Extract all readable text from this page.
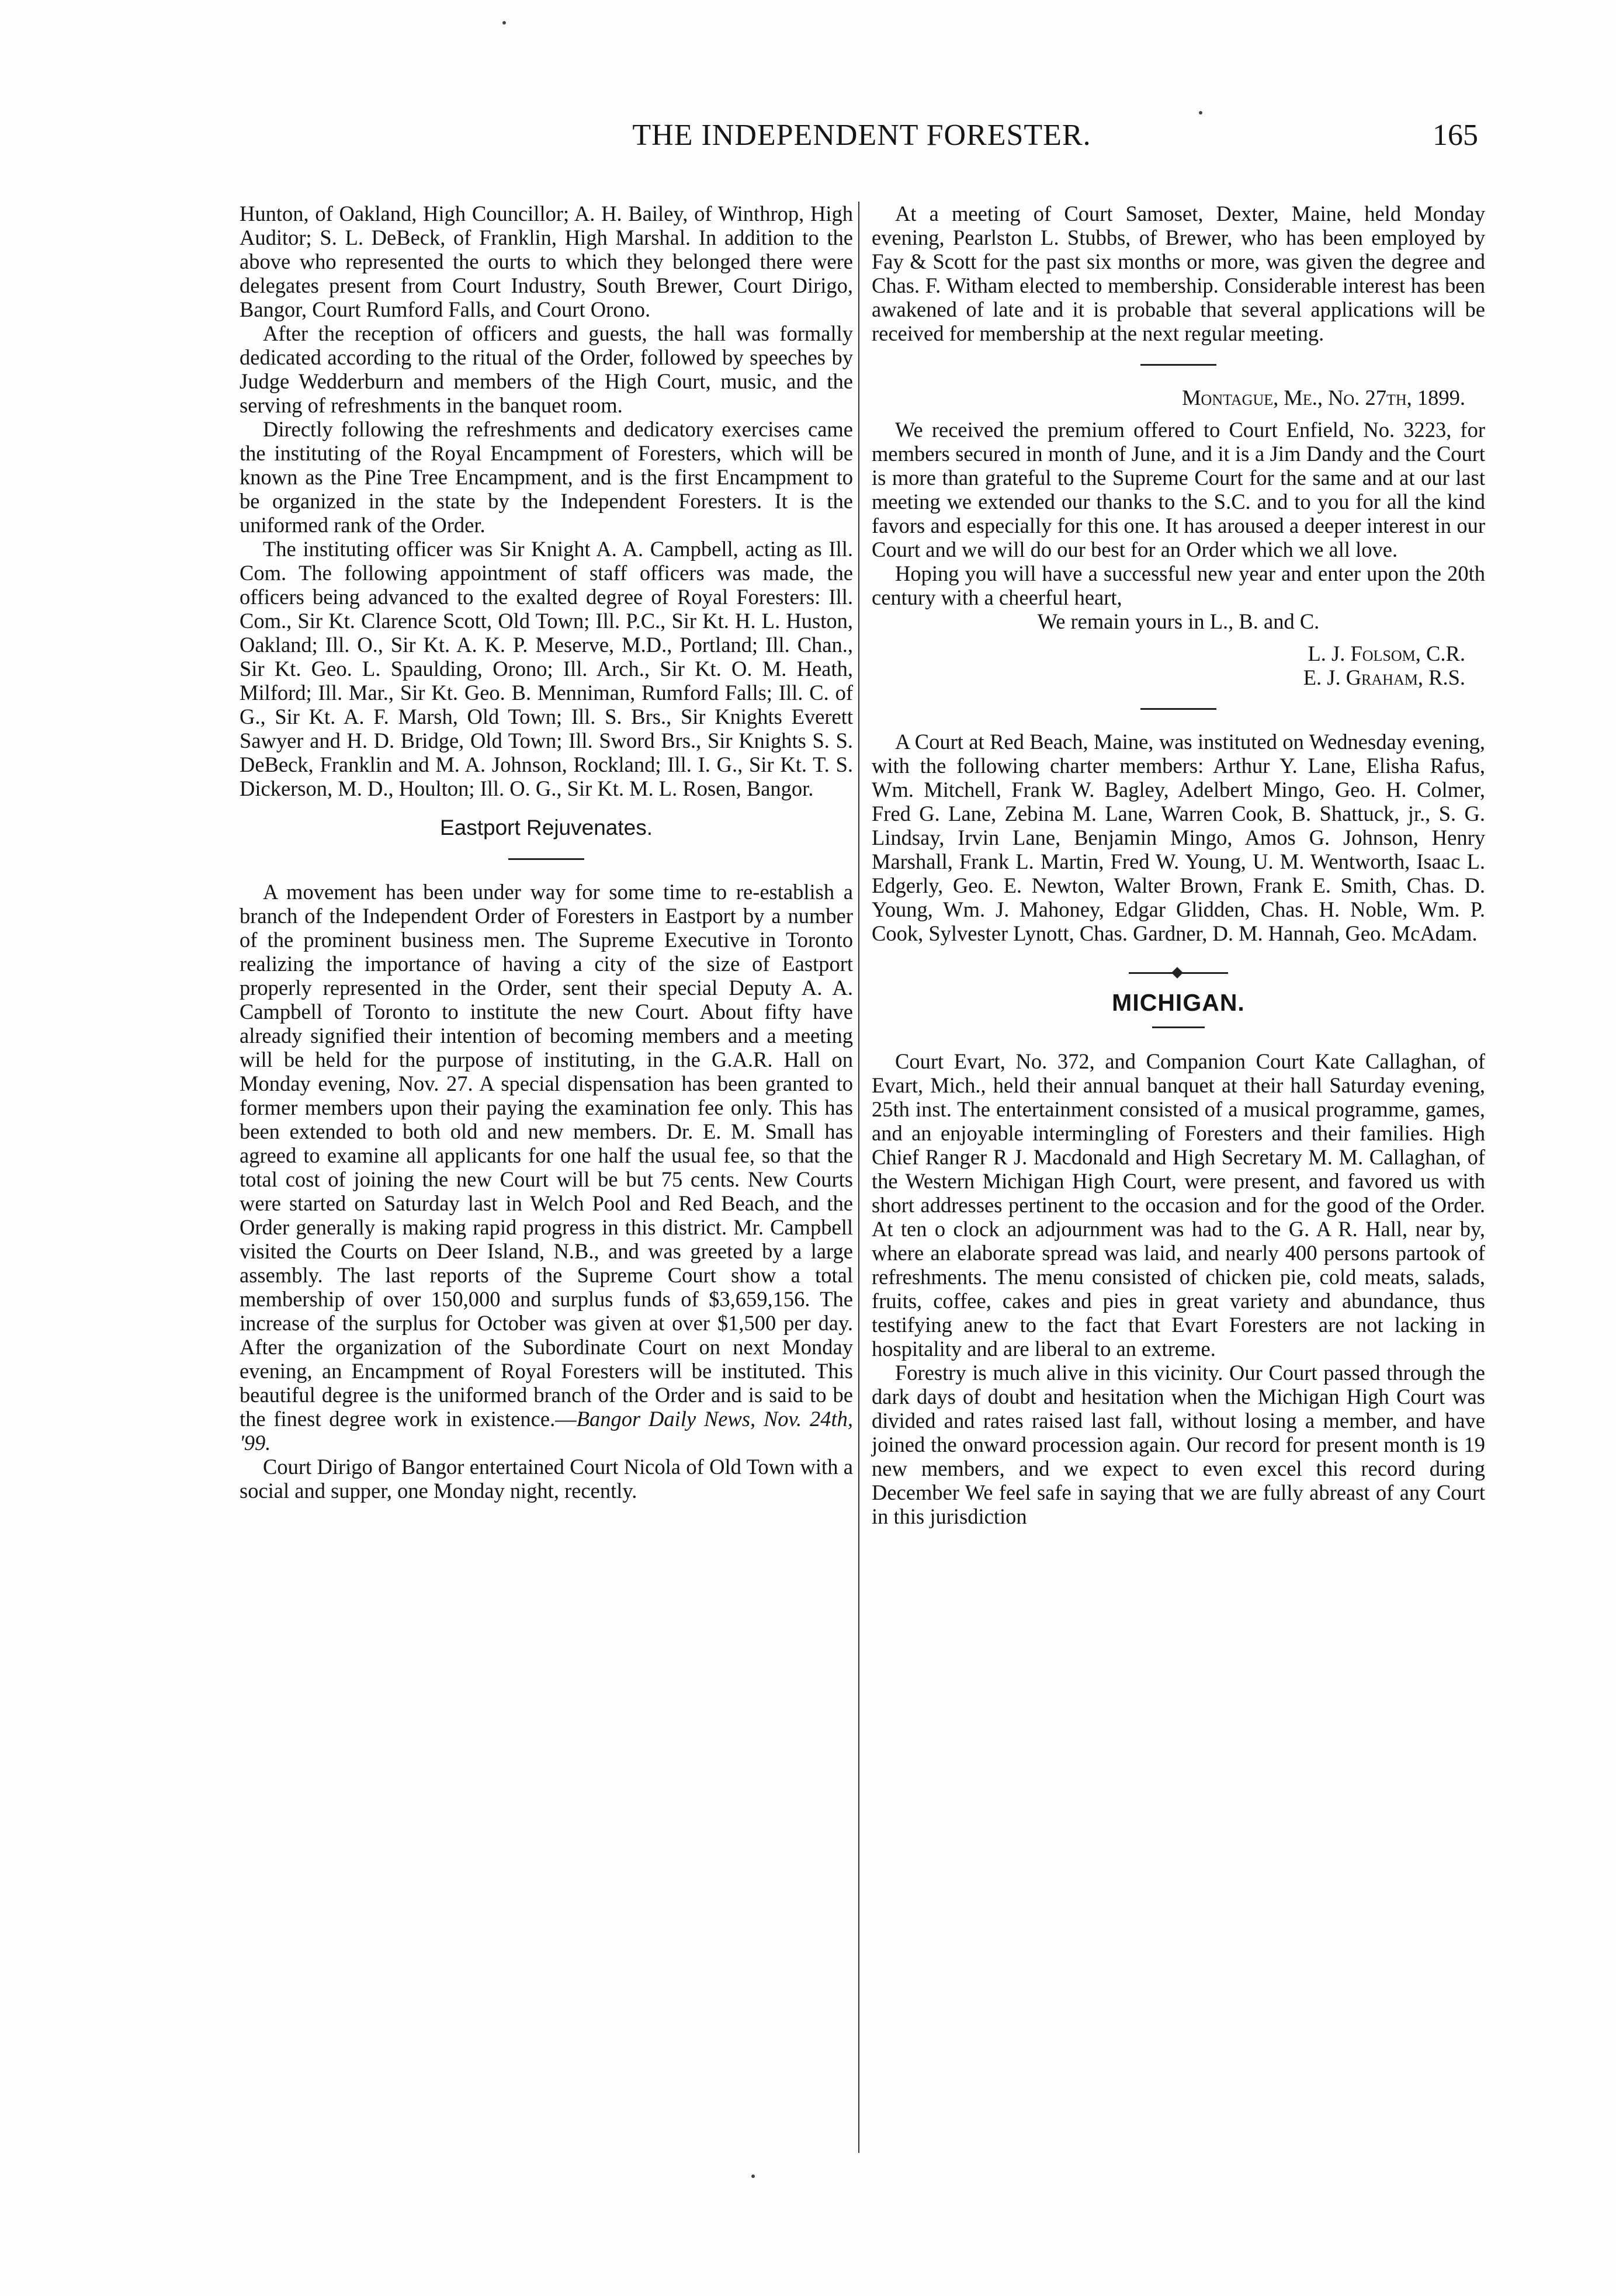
THE INDEPENDENT FORESTER.	165

Hunton, of Oakland, High Councillor; A. H. Bailey, of Winthrop, High Auditor; S. L. DeBeck, of Franklin, High Marshal. In addition to the above who represented the ourts to which they belonged there were delegates present from Court Industry, South Brewer, Court Dirigo, Bangor, Court Rumford Falls, and Court Orono.

After the reception of officers and guests, the hall was formally dedicated according to the ritual of the Order, followed by speeches by Judge Wedderburn and members of the High Court, music, and the serving of refreshments in the banquet room.

Directly following the refreshments and dedicatory exercises came the instituting of the Royal Encampment of Foresters, which will be known as the Pine Tree Encampment, and is the first Encampment to be organized in the state by the Independent Foresters. It is the uniformed rank of the Order.

The instituting officer was Sir Knight A. A. Campbell, acting as Ill. Com. The following appointment of staff officers was made, the officers being advanced to the exalted degree of Royal Foresters: Ill. Com., Sir Kt. Clarence Scott, Old Town; Ill. P.C., Sir Kt. H. L. Huston, Oakland; Ill. O., Sir Kt. A. K. P. Meserve, M.D., Portland; Ill. Chan., Sir Kt. Geo. L. Spaulding, Orono; Ill. Arch., Sir Kt. O. M. Heath, Milford; Ill. Mar., Sir Kt. Geo. B. Menniman, Rumford Falls; Ill. C. of G., Sir Kt. A. F. Marsh, Old Town; Ill. S. Brs., Sir Knights Everett Sawyer and H. D. Bridge, Old Town; Ill. Sword Brs., Sir Knights S. S. DeBeck, Franklin and M. A. Johnson, Rockland; Ill. I. G., Sir Kt. T. S. Dickerson, M. D., Houlton; Ill. O. G., Sir Kt. M. L. Rosen, Bangor.

Eastport Rejuvenates.

A movement has been under way for some time to re-establish a branch of the Independent Order of Foresters in Eastport by a number of the prominent business men. The Supreme Executive in Toronto realizing the importance of having a city of the size of Eastport properly represented in the Order, sent their special Deputy A. A. Campbell of Toronto to institute the new Court. About fifty have already signified their intention of becoming members and a meeting will be held for the purpose of instituting, in the G.A.R. Hall on Monday evening, Nov. 27. A special dispensation has been granted to former members upon their paying the examination fee only. This has been extended to both old and new members. Dr. E. M. Small has agreed to examine all applicants for one half the usual fee, so that the total cost of joining the new Court will be but 75 cents. New Courts were started on Saturday last in Welch Pool and Red Beach, and the Order generally is making rapid progress in this district. Mr. Campbell visited the Courts on Deer Island, N.B., and was greeted by a large assembly. The last reports of the Supreme Court show a total membership of over 150,000 and surplus funds of $3,659,156. The increase of the surplus for October was given at over $1,500 per day. After the organization of the Subordinate Court on next Monday evening, an Encampment of Royal Foresters will be instituted. This beautiful degree is the uniformed branch of the Order and is said to be the finest degree work in existence.—Bangor Daily News, Nov. 24th, '99.

Court Dirigo of Bangor entertained Court Nicola of Old Town with a social and supper, one Monday night, recently.

At a meeting of Court Samoset, Dexter, Maine, held Monday evening, Pearlston L. Stubbs, of Brewer, who has been employed by Fay & Scott for the past six months or more, was given the degree and Chas. F. Witham elected to membership. Considerable interest has been awakened of late and it is probable that several applications will be received for membership at the next regular meeting.

Montague, Me., No. 27th, 1899.

We received the premium offered to Court Enfield, No. 3223, for members secured in month of June, and it is a Jim Dandy and the Court is more than grateful to the Supreme Court for the same and at our last meeting we extended our thanks to the S.C. and to you for all the kind favors and especially for this one. It has aroused a deeper interest in our Court and we will do our best for an Order which we all love.

Hoping you will have a successful new year and enter upon the 20th century with a cheerful heart,

We remain yours in L., B. and C.

L. J. Folsom, C.R.

E. J. Graham, R.S.

A Court at Red Beach, Maine, was instituted on Wednesday evening, with the following charter members: Arthur Y. Lane, Elisha Rafus, Wm. Mitchell, Frank W. Bagley, Adelbert Mingo, Geo. H. Colmer, Fred G. Lane, Zebina M. Lane, Warren Cook, B. Shattuck, jr., S. G. Lindsay, Irvin Lane, Benjamin Mingo, Amos G. Johnson, Henry Marshall, Frank L. Martin, Fred W. Young, U. M. Wentworth, Isaac L. Edgerly, Geo. E. Newton, Walter Brown, Frank E. Smith, Chas. D. Young, Wm. J. Mahoney, Edgar Glidden, Chas. H. Noble, Wm. P. Cook, Sylvester Lynott, Chas. Gardner, D. M. Hannah, Geo. McAdam.

MICHIGAN.

Court Evart, No. 372, and Companion Court Kate Callaghan, of Evart, Mich., held their annual banquet at their hall Saturday evening, 25th inst. The entertainment consisted of a musical programme, games, and an enjoyable intermingling of Foresters and their families. High Chief Ranger R J. Macdonald and High Secretary M. M. Callaghan, of the Western Michigan High Court, were present, and favored us with short addresses pertinent to the occasion and for the good of the Order. At ten o clock an adjournment was had to the G. A R. Hall, near by, where an elaborate spread was laid, and nearly 400 persons partook of refreshments. The menu consisted of chicken pie, cold meats, salads, fruits, coffee, cakes and pies in great variety and abundance, thus testifying anew to the fact that Evart Foresters are not lacking in hospitality and are liberal to an extreme.

Forestry is much alive in this vicinity. Our Court passed through the dark days of doubt and hesitation when the Michigan High Court was divided and rates raised last fall, without losing a member, and have joined the onward procession again. Our record for present month is 19 new members, and we expect to even excel this record during December We feel safe in saying that we are fully abreast of any Court in this jurisdiction
